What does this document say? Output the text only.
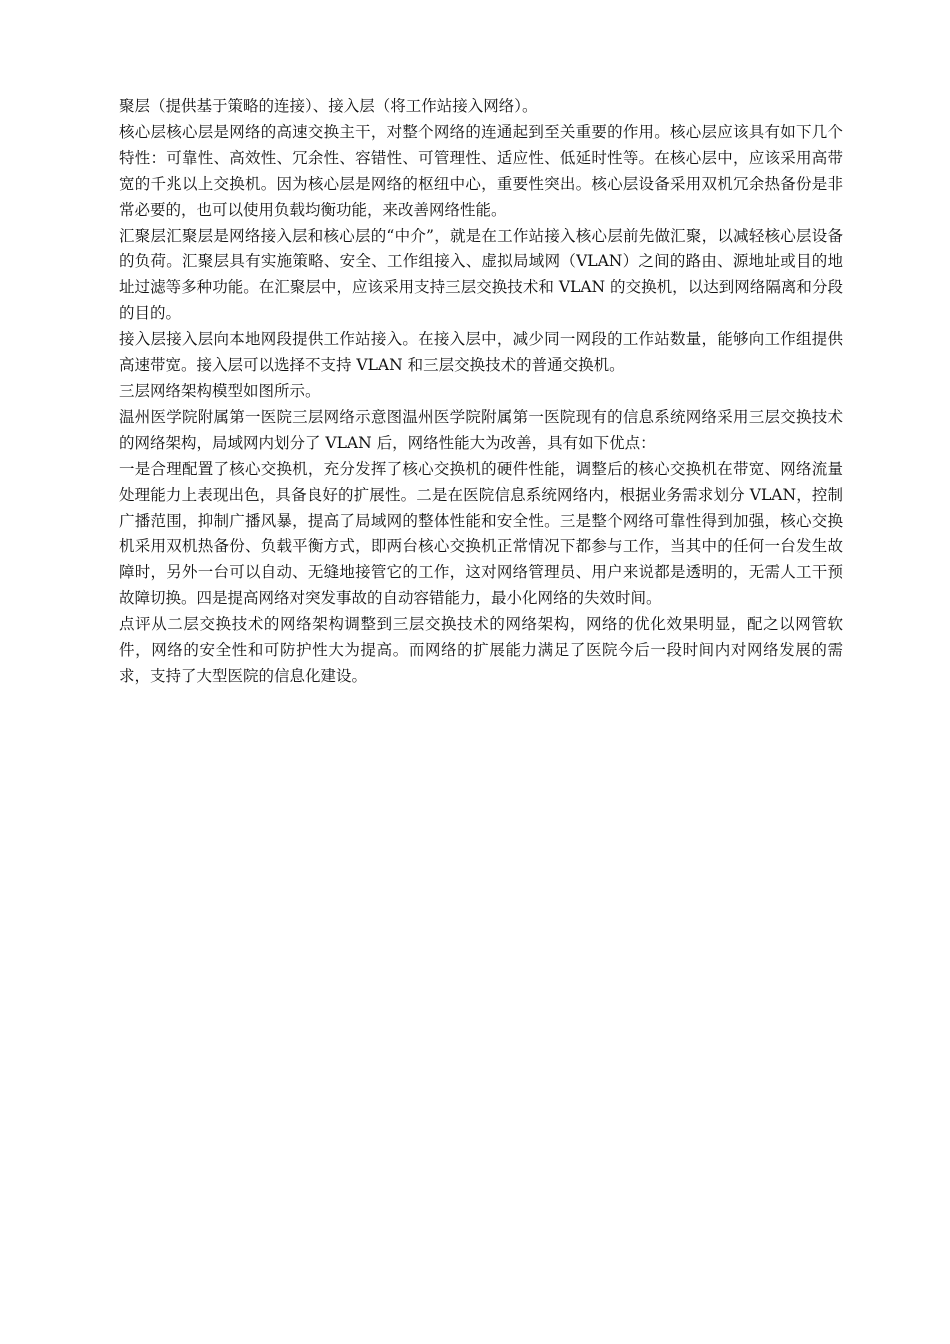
聚层（提供基于策略的连接）、接入层（将工作站接入网络）。

核心层核心层是网络的高速交换主干，对整个网络的连通起到至关重要的作用。核心层应该具有如下几个特性：可靠性、高效性、冗余性、容错性、可管理性、适应性、低延时性等。在核心层中，应该采用高带宽的千兆以上交换机。因为核心层是网络的枢纽中心，重要性突出。核心层设备采用双机冗余热备份是非常必要的，也可以使用负载均衡功能，来改善网络性能。

汇聚层汇聚层是网络接入层和核心层的“中介”，就是在工作站接入核心层前先做汇聚，以减轻核心层设备的负荷。汇聚层具有实施策略、安全、工作组接入、虚拟局域网（VLAN）之间的路由、源地址或目的地址过滤等多种功能。在汇聚层中，应该采用支持三层交换技术和 VLAN 的交换机，以达到网络隔离和分段的目的。

接入层接入层向本地网段提供工作站接入。在接入层中，减少同一网段的工作站数量，能够向工作组提供高速带宽。接入层可以选择不支持 VLAN 和三层交换技术的普通交换机。

三层网络架构模型如图所示。

温州医学院附属第一医院三层网络示意图温州医学院附属第一医院现有的信息系统网络采用三层交换技术的网络架构，局域网内划分了 VLAN 后，网络性能大为改善，具有如下优点：

一是合理配置了核心交换机，充分发挥了核心交换机的硬件性能，调整后的核心交换机在带宽、网络流量处理能力上表现出色，具备良好的扩展性。二是在医院信息系统网络内，根据业务需求划分 VLAN，控制广播范围，抑制广播风暴，提高了局域网的整体性能和安全性。三是整个网络可靠性得到加强，核心交换机采用双机热备份、负载平衡方式，即两台核心交换机正常情况下都参与工作，当其中的任何一台发生故障时，另外一台可以自动、无缝地接管它的工作，这对网络管理员、用户来说都是透明的，无需人工干预故障切换。四是提高网络对突发事故的自动容错能力，最小化网络的失效时间。

点评从二层交换技术的网络架构调整到三层交换技术的网络架构，网络的优化效果明显，配之以网管软件，网络的安全性和可防护性大为提高。而网络的扩展能力满足了医院今后一段时间内对网络发展的需求，支持了大型医院的信息化建设。
